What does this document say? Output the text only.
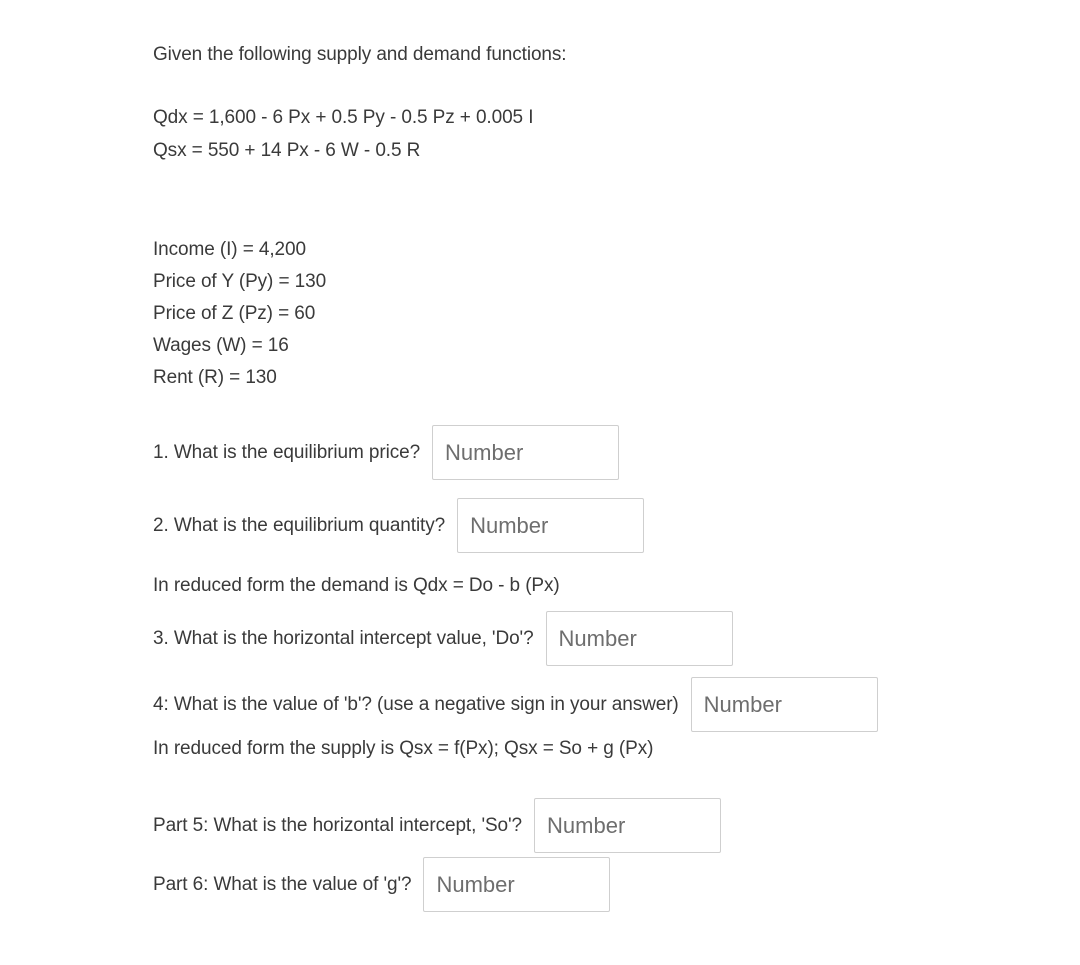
Given the following supply and demand functions:
Qdx = 1,600 - 6 Px + 0.5 Py - 0.5 Pz + 0.005 I
Qsx = 550 + 14 Px - 6 W - 0.5 R
Income (I) = 4,200
Price of Y (Py) = 130
Price of Z (Pz) = 60
Wages (W) = 16
Rent (R) = 130
1. What is the equilibrium price?
Number
2. What is the equilibrium quantity?
Number
In reduced form the demand is Qdx = Do - b (Px)
3. What is the horizontal intercept value, 'Do'?
Number
4: What is the value of 'b'? (use a negative sign in your answer)
Number
In reduced form the supply is Qsx = f(Px); Qsx = So + g (Px)
Part 5: What is the horizontal intercept, 'So'?
Number
Part 6: What is the value of 'g'?
Number
